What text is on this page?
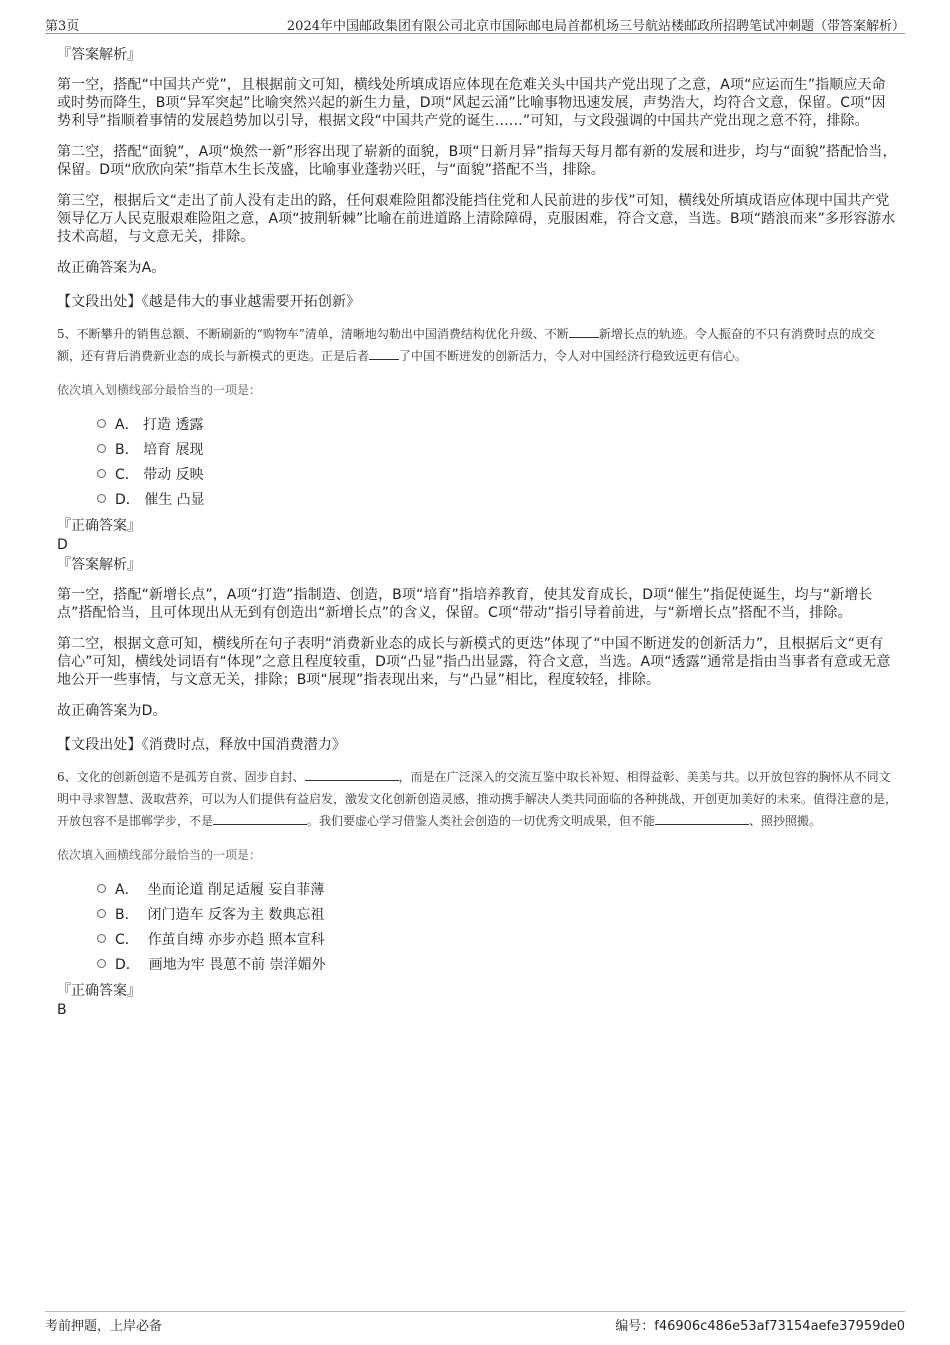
第3页	2024年中国邮政集团有限公司北京市国际邮电局首都机场三号航站楼邮政所招聘笔试冲刺题（带答案解析）
『答案解析』

第一空，搭配“中国共产党”，且根据前文可知，横线处所填成语应体现在危难关头中国共产党出现了之意，A项“应运而生”指顺应天命或时势而降生，B项“异军突起”比喻突然兴起的新生力量，D项“风起云涌”比喻事物迅速发展，声势浩大，均符合文意，保留。C项“因势利导”指顺着事情的发展趋势加以引导，根据文段“中国共产党的诞生……”可知，与文段强调的中国共产党出现之意不符，排除。

第二空，搭配“面貌”，A项“焕然一新”形容出现了崭新的面貌，B项“日新月异”指每天每月都有新的发展和进步，均与“面貌”搭配恰当，保留。D项“欣欣向荣”指草木生长茂盛，比喻事业蓬勃兴旺，与“面貌”搭配不当，排除。

第三空，根据后文“走出了前人没有走出的路，任何艰难险阻都没能挡住党和人民前进的步伐”可知，横线处所填成语应体现中国共产党领导亿万人民克服艰难险阻之意，A项“披荆斩棘”比喻在前进道路上清除障碍，克服困难，符合文意，当选。B项“踏浪而来”多形容游水技术高超，与文意无关，排除。

故正确答案为A。

【文段出处】《越是伟大的事业越需要开拓创新》

5、不断攀升的销售总额、不断刷新的“购物车”清单，清晰地勾勒出中国消费结构优化升级、不断	新增长点的轨迹。令人振奋的不只有消费时点的成交额，还有背后消费新业态的成长与新模式的更迭。正是后者	了中国不断迸发的创新活力，令人对中国经济行稳致远更有信心。

依次填入划横线部分最恰当的一项是：
A．
打造 透露
B．
培育 展现
C．
带动 反映
D．
催生 凸显
『正确答案』
D
『答案解析』

第一空，搭配“新增长点”，A项“打造”指制造、创造，B项“培育”指培养教育，使其发育成长，D项“催生”指促使诞生，均与“新增长点”搭配恰当，且可体现出从无到有创造出“新增长点”的含义，保留。C项“带动”指引导着前进，与“新增长点”搭配不当，排除。

第二空，根据文意可知，横线所在句子表明“消费新业态的成长与新模式的更迭”体现了“中国不断迸发的创新活力”，且根据后文“更有信心”可知，横线处词语有“体现”之意且程度较重，D项“凸显”指凸出显露，符合文意，当选。A项“透露”通常是指由当事者有意或无意地公开一些事情，与文意无关，排除；B项“展现”指表现出来，与“凸显”相比，程度较轻，排除。

故正确答案为D。

【文段出处】《消费时点，释放中国消费潜力》

6、文化的创新创造不是孤芳自赏、固步自封、	，而是在广泛深入的交流互鉴中取长补短、相得益彰、美美与共。以开放包容的胸怀从不同文明中寻求智慧、汲取营养，可以为人们提供有益启发，激发文化创新创造灵感，推动携手解决人类共同面临的各种挑战，开创更加美好的未来。值得注意的是，开放包容不是邯郸学步，不是	。我们要虚心学习借鉴人类社会创造的一切优秀文明成果，但不能	、照抄照搬。

依次填入画横线部分最恰当的一项是：
A．
坐而论道 削足适履 妄自菲薄
B．
闭门造车 反客为主 数典忘祖
C．
作茧自缚 亦步亦趋 照本宣科
D．
画地为牢 畏葸不前 崇洋媚外
『正确答案』
B
考前押题，上岸必备	编号：f46906c486e53af73154aefe37959de0
